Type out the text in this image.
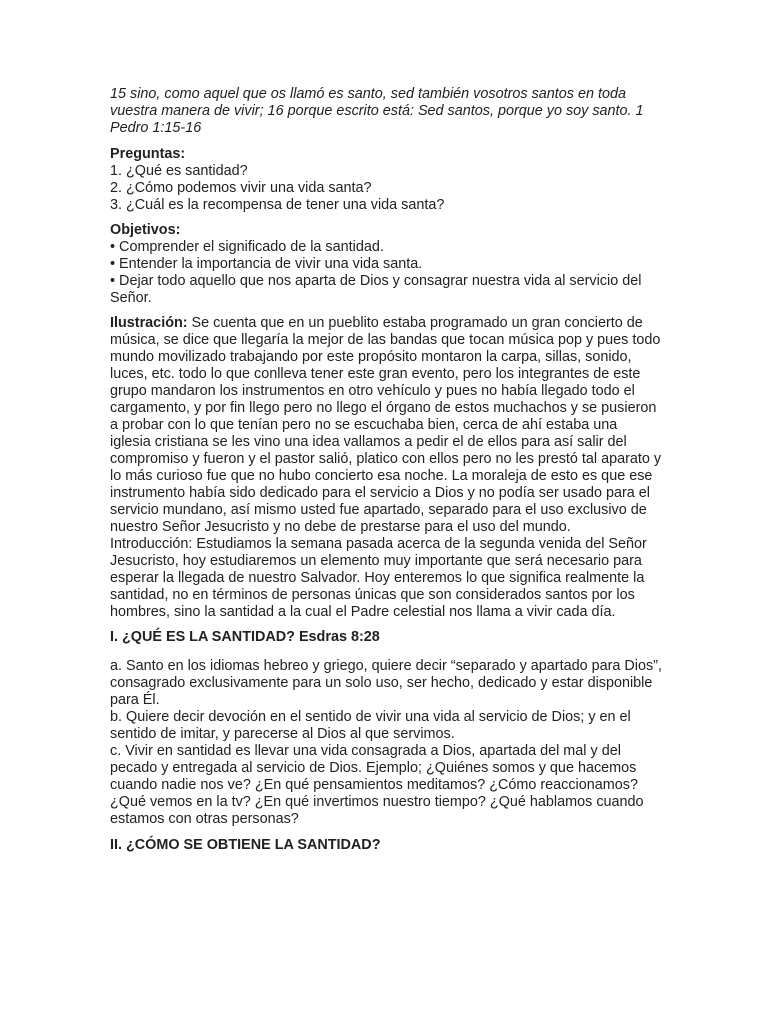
15 sino, como aquel que os llamó es santo, sed también vosotros santos en toda vuestra manera de vivir; 16 porque escrito está: Sed santos, porque yo soy santo. 1 Pedro 1:15-16

Preguntas:

1. ¿Qué es santidad?

2. ¿Cómo podemos vivir una vida santa?

3. ¿Cuál es la recompensa de tener una vida santa?

Objetivos:

• Comprender el significado de la santidad.

• Entender la importancia de vivir una vida santa.

• Dejar todo aquello que nos aparta de Dios y consagrar nuestra vida al servicio del Señor.

Ilustración: Se cuenta que en un pueblito estaba programado un gran concierto de música, se dice que llegaría la mejor de las bandas que tocan música pop y pues todo mundo movilizado trabajando por este propósito montaron la carpa, sillas, sonido, luces, etc. todo lo que conlleva tener este gran evento, pero los integrantes de este grupo mandaron los instrumentos en otro vehículo y pues no había llegado todo el cargamento, y por fin llego pero no llego el órgano de estos muchachos y se pusieron a probar con lo que tenían pero no se escuchaba bien, cerca de ahí estaba una iglesia cristiana se les vino una idea vallamos a pedir el de ellos para así salir del compromiso y fueron y el pastor salió, platico con ellos pero no les prestó tal aparato y lo más curioso fue que no hubo concierto esa noche. La moraleja de esto es que ese instrumento había sido dedicado para el servicio a Dios y no podía ser usado para el servicio mundano, así mismo usted fue apartado, separado para el uso exclusivo de nuestro Señor Jesucristo y no debe de prestarse para el uso del mundo.

Introducción: Estudiamos la semana pasada acerca de la segunda venida del Señor Jesucristo, hoy estudiaremos un elemento muy importante que será necesario para esperar la llegada de nuestro Salvador. Hoy enteremos lo que significa realmente la santidad, no en términos de personas únicas que son considerados santos por los hombres, sino la santidad a la cual el Padre celestial nos llama a vivir cada día.

I. ¿QUÉ ES LA SANTIDAD? Esdras 8:28

a. Santo en los idiomas hebreo y griego, quiere decir “separado y apartado para Dios”, consagrado exclusivamente para un solo uso, ser hecho, dedicado y estar disponible para Él.

b. Quiere decir devoción en el sentido de vivir una vida al servicio de Dios; y en el sentido de imitar, y parecerse al Dios al que servimos.

c. Vivir en santidad es llevar una vida consagrada a Dios, apartada del mal y del pecado y entregada al servicio de Dios. Ejemplo; ¿Quiénes somos y que hacemos cuando nadie nos ve? ¿En qué pensamientos meditamos? ¿Cómo reaccionamos? ¿Qué vemos en la tv? ¿En qué invertimos nuestro tiempo? ¿Qué hablamos cuando estamos con otras personas?

II. ¿CÓMO SE OBTIENE LA SANTIDAD?
